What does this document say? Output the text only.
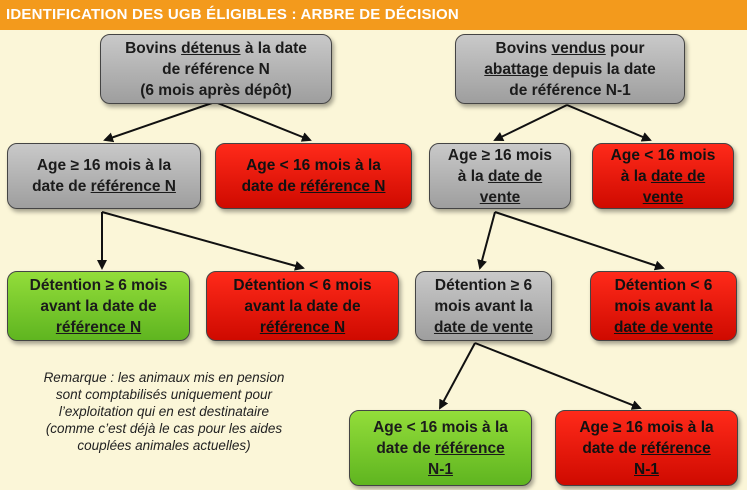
IDENTIFICATION DES UGB ÉLIGIBLES : ARBRE DE DÉCISION
Bovins détenus à la date
de référence N
(6 mois après dépôt)
Bovins vendus pour
abattage depuis la date
de référence N-1
Age ≥ 16 mois à la
date de référence N
Age < 16 mois à la
date de référence N
Age ≥ 16 mois
à la date de
vente
Age < 16 mois
à la date de
vente
Détention ≥ 6 mois
avant la date de
référence N
Détention < 6 mois
avant la date de
référence N
Détention ≥ 6
mois avant la
date de vente
Détention < 6
mois avant la
date de vente
Age < 16 mois à la
date de référence
N-1
Age ≥ 16 mois à la
date de référence
N-1
Remarque : les animaux mis en pension
sont comptabilisés uniquement pour
l’exploitation qui en est destinataire
(comme c’est déjà le cas pour les aides
couplées animales actuelles)
